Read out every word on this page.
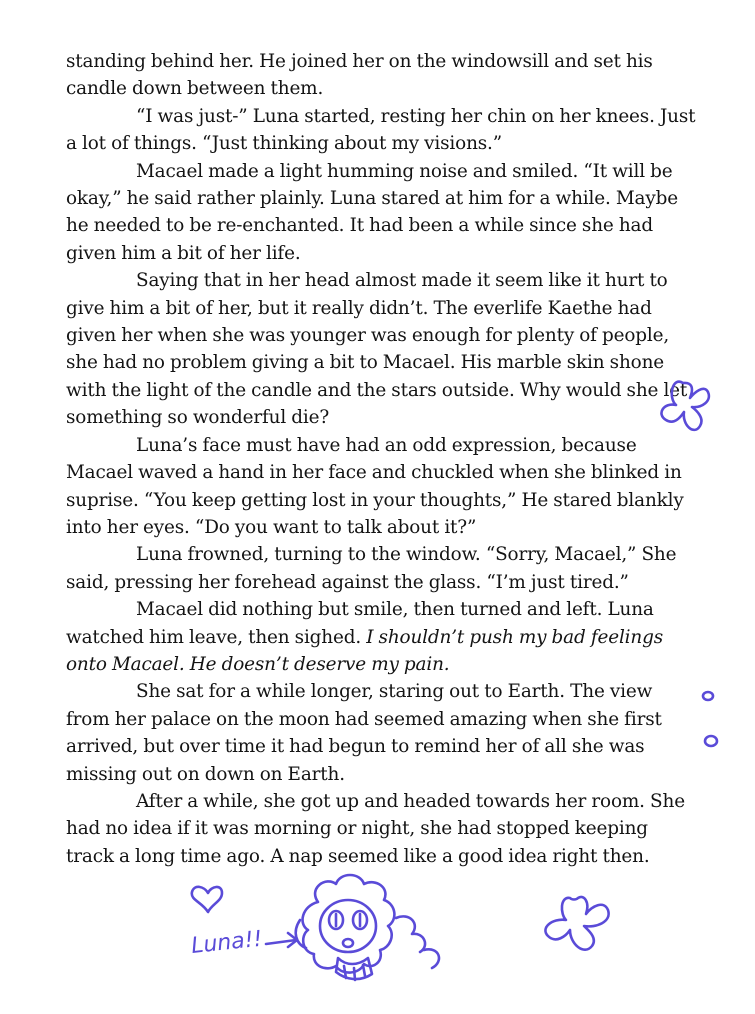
standing behind her. He joined her on the windowsill and set his candle down between them.

“I was just-” Luna started, resting her chin on her knees. Just a lot of things. “Just thinking about my visions.”

Macael made a light humming noise and smiled. “It will be okay,” he said rather plainly. Luna stared at him for a while. Maybe he needed to be re-enchanted. It had been a while since she had given him a bit of her life.

Saying that in her head almost made it seem like it hurt to give him a bit of her, but it really didn’t. The everlife Kaethe had given her when she was younger was enough for plenty of people, she had no problem giving a bit to Macael. His marble skin shone with the light of the candle and the stars outside. Why would she let something so wonderful die?

Luna’s face must have had an odd expression, because Macael waved a hand in her face and chuckled when she blinked in suprise. “You keep getting lost in your thoughts,” He stared blankly into her eyes. “Do you want to talk about it?”

Luna frowned, turning to the window. “Sorry, Macael,” She said, pressing her forehead against the glass. “I’m just tired.”

Macael did nothing but smile, then turned and left. Luna watched him leave, then sighed. I shouldn’t push my bad feelings onto Macael. He doesn’t deserve my pain.

She sat for a while longer, staring out to Earth. The view from her palace on the moon had seemed amazing when she first arrived, but over time it had begun to remind her of all she was missing out on down on Earth.

After a while, she got up and headed towards her room. She had no idea if it was morning or night, she had stopped keeping track a long time ago. A nap seemed like a good idea right then.

Luna!!
